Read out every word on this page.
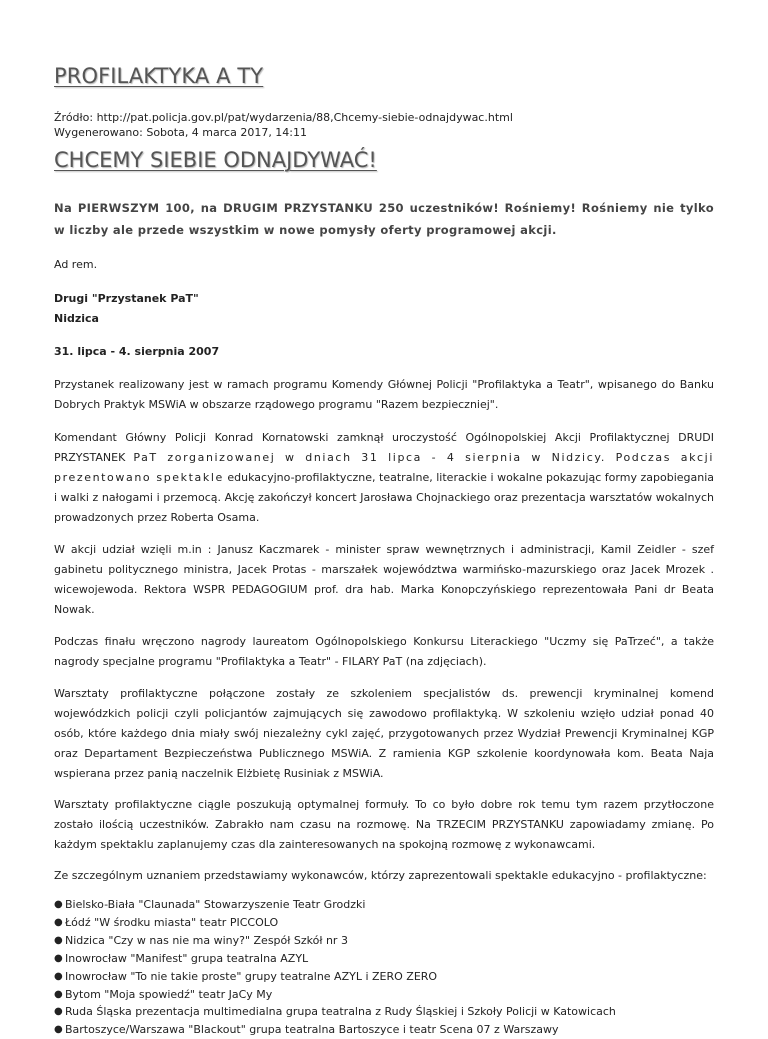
PROFILAKTYKA A TY
Źródło: http://pat.policja.gov.pl/pat/wydarzenia/88,Chcemy-siebie-odnajdywac.html
Wygenerowano: Sobota, 4 marca 2017, 14:11
CHCEMY SIEBIE ODNAJDYWAĆ!

Na PIERWSZYM 100, na DRUGIM PRZYSTANKU 250 uczestników! Rośniemy! Rośniemy nie tylko w liczby ale przede wszystkim w nowe pomysły oferty programowej akcji.

Ad rem.

Drugi "Przystanek PaT"

Nidzica

31. lipca - 4. sierpnia 2007

Przystanek realizowany jest w ramach programu Komendy Głównej Policji "Profilaktyka a Teatr", wpisanego do Banku Dobrych Praktyk MSWiA w obszarze rządowego programu "Razem bezpieczniej".

Komendant Główny Policji Konrad Kornatowski zamknął uroczystość Ogólnopolskiej Akcji Profilaktycznej DRUDI PRZYSTANEK PaT zorganizowanej w dniach 31 lipca - 4 sierpnia w Nidzicy. Podczas akcji prezentowano spektakle edukacyjno-profilaktyczne, teatralne, literackie i wokalne pokazując formy zapobiegania i walki z nałogami i przemocą. Akcję zakończył koncert Jarosława Chojnackiego oraz prezentacja warsztatów wokalnych prowadzonych przez Roberta Osama.

W akcji udział wzięli m.in : Janusz Kaczmarek - minister spraw wewnętrznych i administracji, Kamil Zeidler - szef gabinetu politycznego ministra, Jacek Protas - marszałek województwa warmińsko-mazurskiego oraz Jacek Mrozek . wicewojewoda. Rektora WSPR PEDAGOGIUM prof. dra hab. Marka Konopczyńskiego reprezentowała Pani dr Beata Nowak.

Podczas finału wręczono nagrody laureatom Ogólnopolskiego Konkursu Literackiego "Uczmy się PaTrzeć", a także nagrody specjalne programu "Profilaktyka a Teatr" - FILARY PaT (na zdjęciach).

Warsztaty profilaktyczne połączone zostały ze szkoleniem specjalistów ds. prewencji kryminalnej komend wojewódzkich policji czyli policjantów zajmujących się zawodowo profilaktyką. W szkoleniu wzięło udział ponad 40 osób, które każdego dnia miały swój niezależny cykl zajęć, przygotowanych przez Wydział Prewencji Kryminalnej KGP oraz Departament Bezpieczeństwa Publicznego MSWiA. Z ramienia KGP szkolenie koordynowała kom. Beata Naja wspierana przez panią naczelnik Elżbietę Rusiniak z MSWiA.

Warsztaty profilaktyczne ciągle poszukują optymalnej formuły. To co było dobre rok temu tym razem przytłoczone zostało ilością uczestników. Zabrakło nam czasu na rozmowę. Na TRZECIM PRZYSTANKU zapowiadamy zmianę. Po każdym spektaklu zaplanujemy czas dla zainteresowanych na spokojną rozmowę z wykonawcami.

Ze szczególnym uznaniem przedstawiamy wykonawców, którzy zaprezentowali spektakle edukacyjno - profilaktyczne:

● Bielsko-Biała "Claunada" Stowarzyszenie Teatr Grodzki
● Łódź "W środku miasta" teatr PICCOLO
● Nidzica "Czy w nas nie ma winy?" Zespół Szkół nr 3
● Inowrocław "Manifest" grupa teatralna AZYL
● Inowrocław "To nie takie proste" grupy teatralne AZYL i ZERO ZERO
● Bytom "Moja spowiedź" teatr JaCy My
● Ruda Śląska prezentacja multimedialna grupa teatralna z Rudy Śląskiej i Szkoły Policji w Katowicach
● Bartoszyce/Warszawa "Blackout" grupa teatralna Bartoszyce i teatr Scena 07 z Warszawy
